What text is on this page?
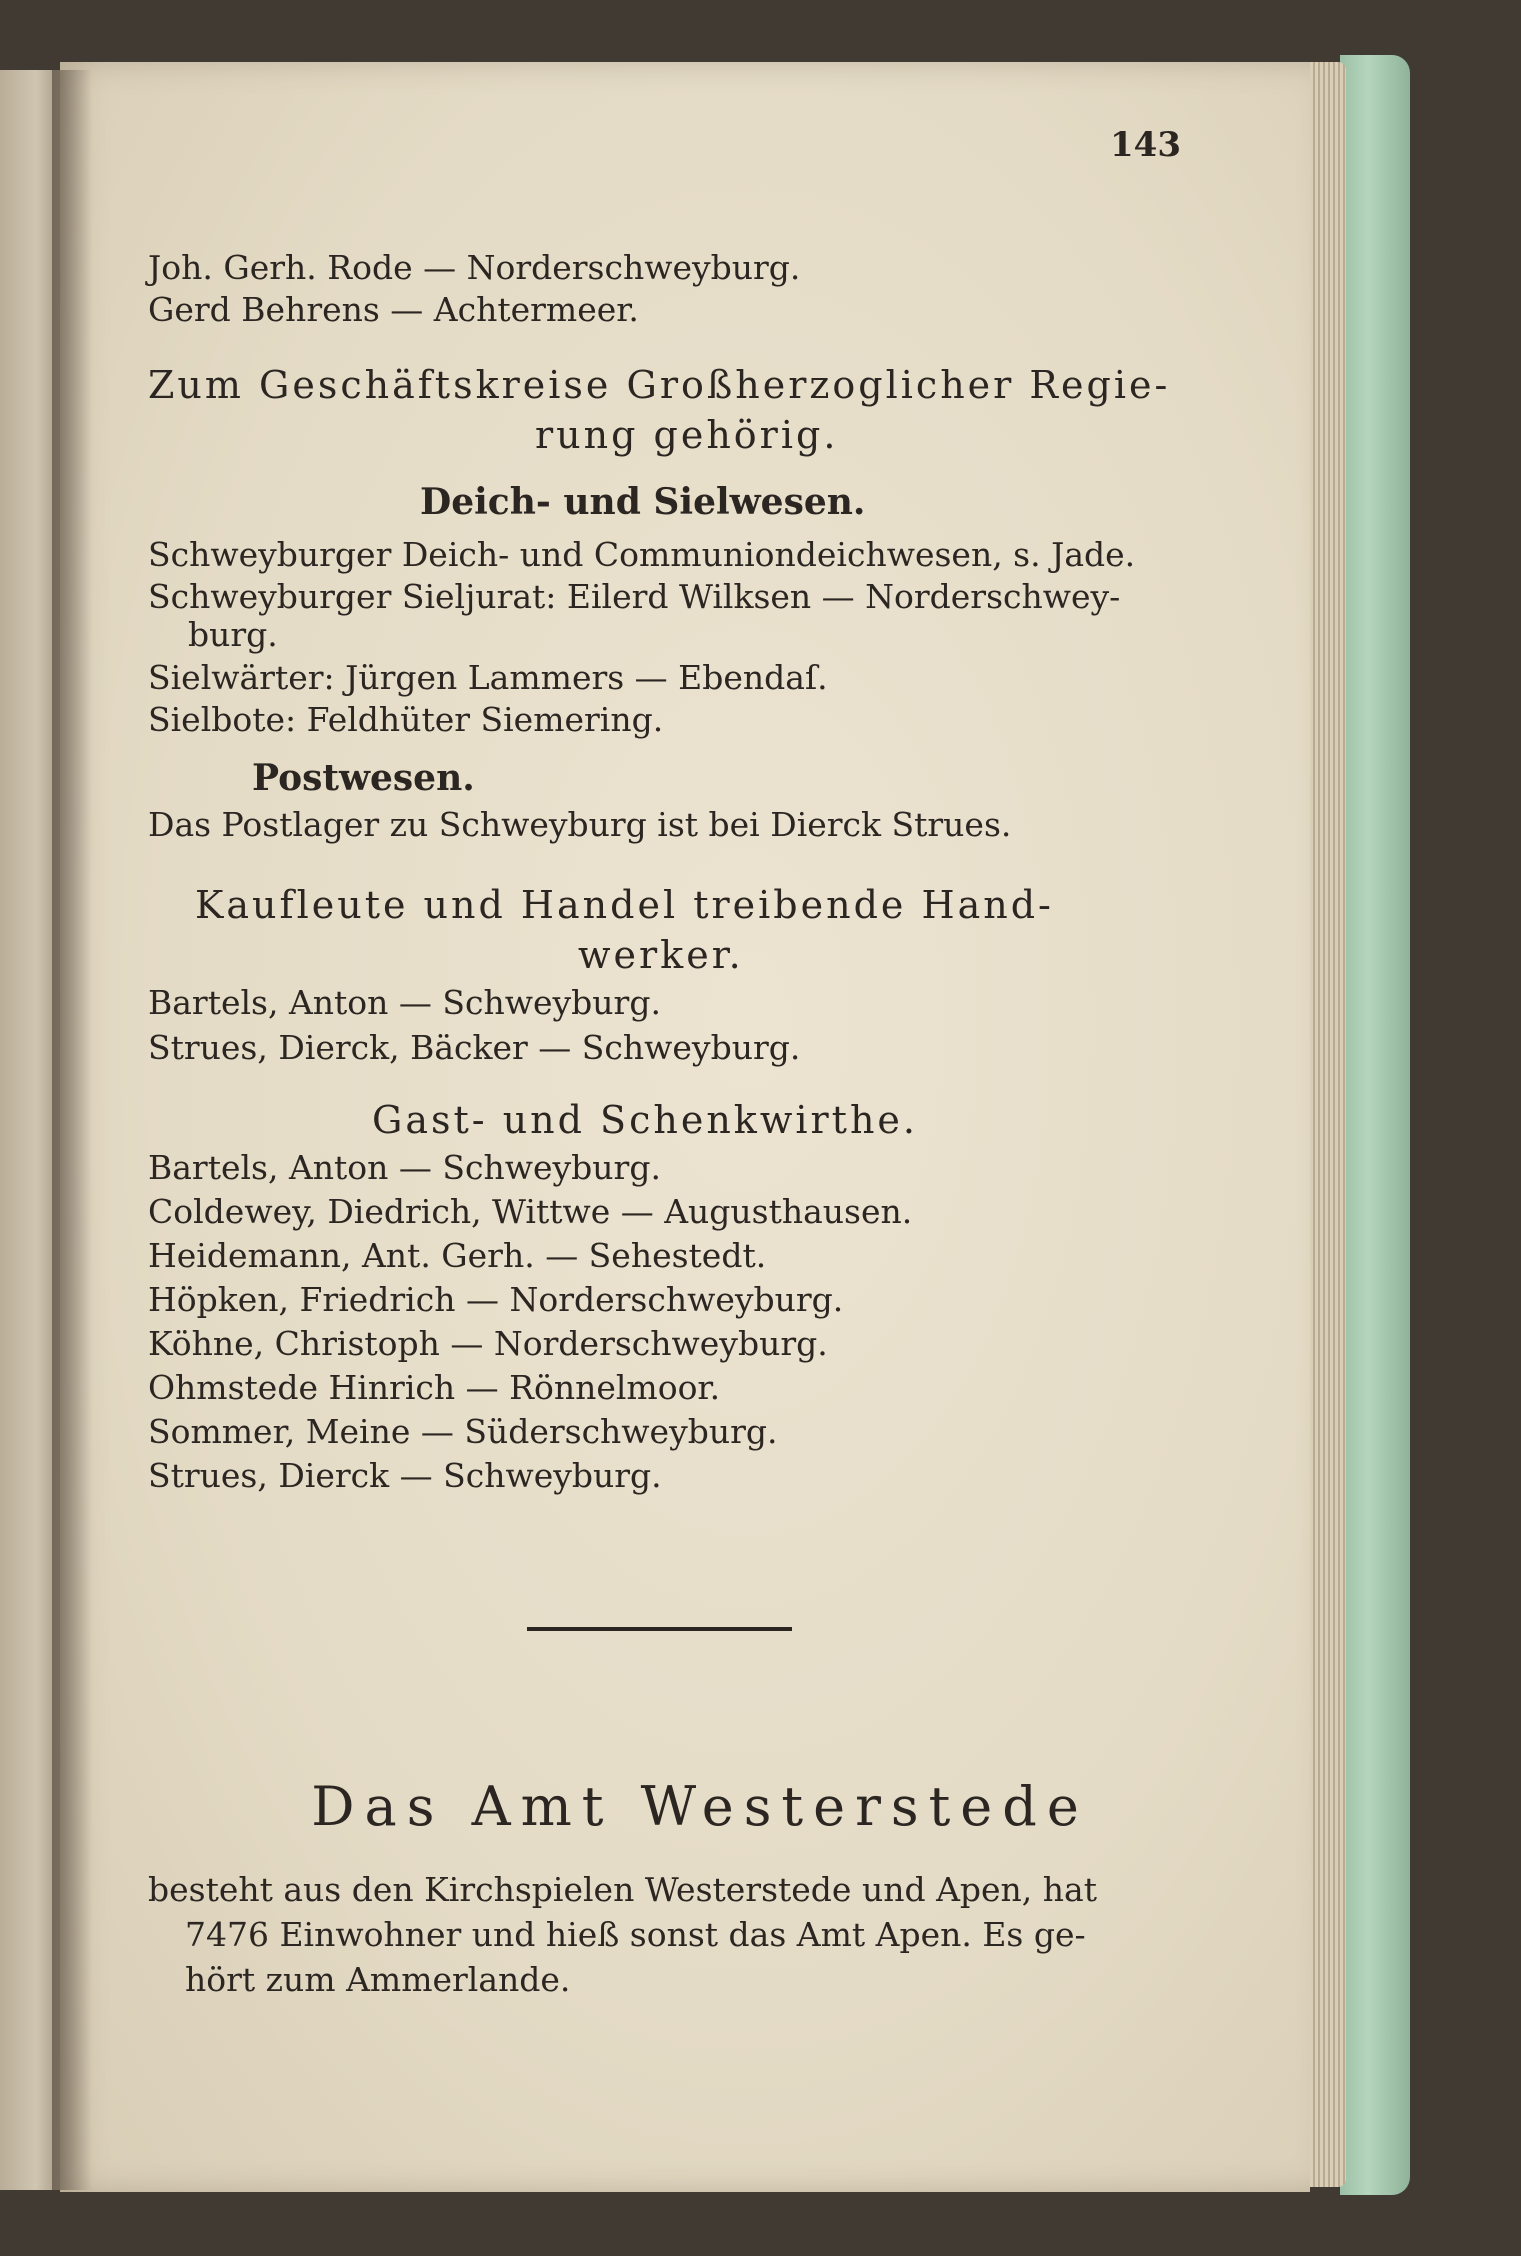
143

Joh. Gerh. Rode — Norderschweyburg.

Gerd Behrens — Achtermeer.

Zum Geschäftskreise Großherzoglicher Regie-

rung gehörig.

Deich- und Sielwesen.

Schweyburger Deich- und Communiondeichwesen, s. Jade.

Schweyburger Sieljurat: Eilerd Wilksen — Norderschwey-

burg.

Sielwärter: Jürgen Lammers — Ebendaſ.

Sielbote: Feldhüter Siemering.

Postwesen.

Das Postlager zu Schweyburg ist bei Dierck Strues.

Kaufleute und Handel treibende Hand-

werker.

Bartels, Anton — Schweyburg.

Strues, Dierck, Bäcker — Schweyburg.

Gast- und Schenkwirthe.

Bartels, Anton — Schweyburg.

Coldewey, Diedrich, Wittwe — Augusthausen.

Heidemann, Ant. Gerh. — Sehestedt.

Höpken, Friedrich — Norderschweyburg.

Köhne, Christoph — Norderschweyburg.

Ohmstede Hinrich — Rönnelmoor.

Sommer, Meine — Süderschweyburg.

Strues, Dierck — Schweyburg.

Das Amt Westerstede

besteht aus den Kirchspielen Westerstede und Apen, hat

7476 Einwohner und hieß sonst das Amt Apen. Es ge-

hört zum Ammerlande.
